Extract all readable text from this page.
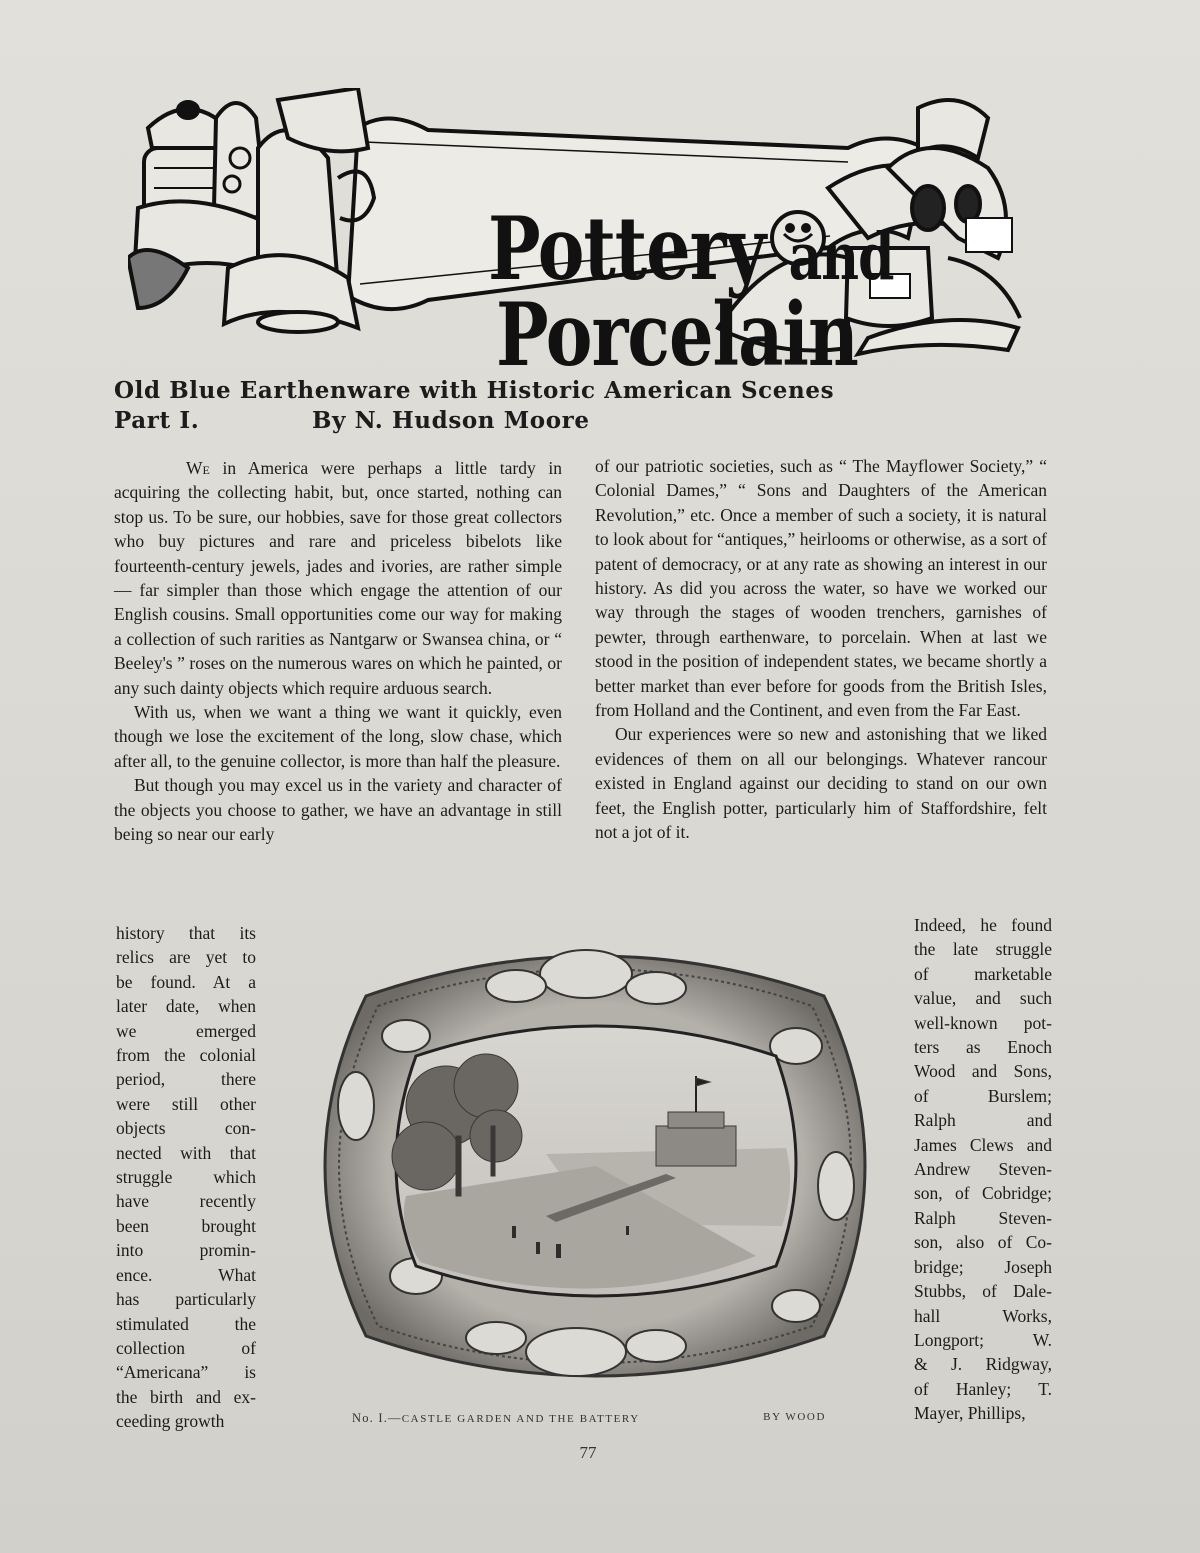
Pottery and
Porcelain
Old Blue Earthenware with Historic American Scenes
Part I.	By N. Hudson Moore

We in America were perhaps a little tardy in acquiring the collecting habit, but, once started, nothing can stop us. To be sure, our hobbies, save for those great collectors who buy pictures and rare and priceless bibelots like fourteenth-century jewels, jades and ivories, are rather simple — far simpler than those which engage the attention of our English cousins. Small opportunities come our way for making a collection of such rarities as Nantgarw or Swansea china, or “ Beeley's ” roses on the numerous wares on which he painted, or any such dainty objects which require arduous search.

With us, when we want a thing we want it quickly, even though we lose the excitement of the long, slow chase, which after all, to the genuine collector, is more than half the pleasure.

But though you may excel us in the variety and character of the objects you choose to gather, we have an advantage in still being so near our early

of our patriotic societies, such as “ The Mayflower Society,” “ Colonial Dames,” “ Sons and Daughters of the American Revolution,” etc. Once a member of such a society, it is natural to look about for “antiques,” heirlooms or otherwise, as a sort of patent of democracy, or at any rate as showing an interest in our history. As did you across the water, so have we worked our way through the stages of wooden trenchers, garnishes of pewter, through earthenware, to porcelain. When at last we stood in the position of independent states, we became shortly a better market than ever before for goods from the British Isles, from Holland and the Continent, and even from the Far East.

Our experiences were so new and astonishing that we liked evidences of them on all our belongings. Whatever rancour existed in England against our deciding to stand on our own feet, the English potter, particularly him of Staffordshire, felt not a jot of it.

history that its
relics are yet to
be found. At a
later date, when
we emerged
from the colonial
period, there
were still other
objects con-
nected with that
struggle which
have recently
been brought
into promin-
ence. What
has particularly
stimulated the
collection of
“Americana” is
the birth and ex-
ceeding growth
Indeed, he found
the late struggle
of marketable
value, and such
well-known pot-
ters as Enoch
Wood and Sons,
of Burslem;
Ralph and
James Clews and
Andrew Steven-
son, of Cobridge;
Ralph Steven-
son, also of Co-
bridge; Joseph
Stubbs, of Dale-
hall Works,
Longport; W.
& J. Ridgway,
of Hanley; T.
Mayer, Phillips,
No. I.—CASTLE GARDEN AND THE BATTERY	BY WOOD
77
